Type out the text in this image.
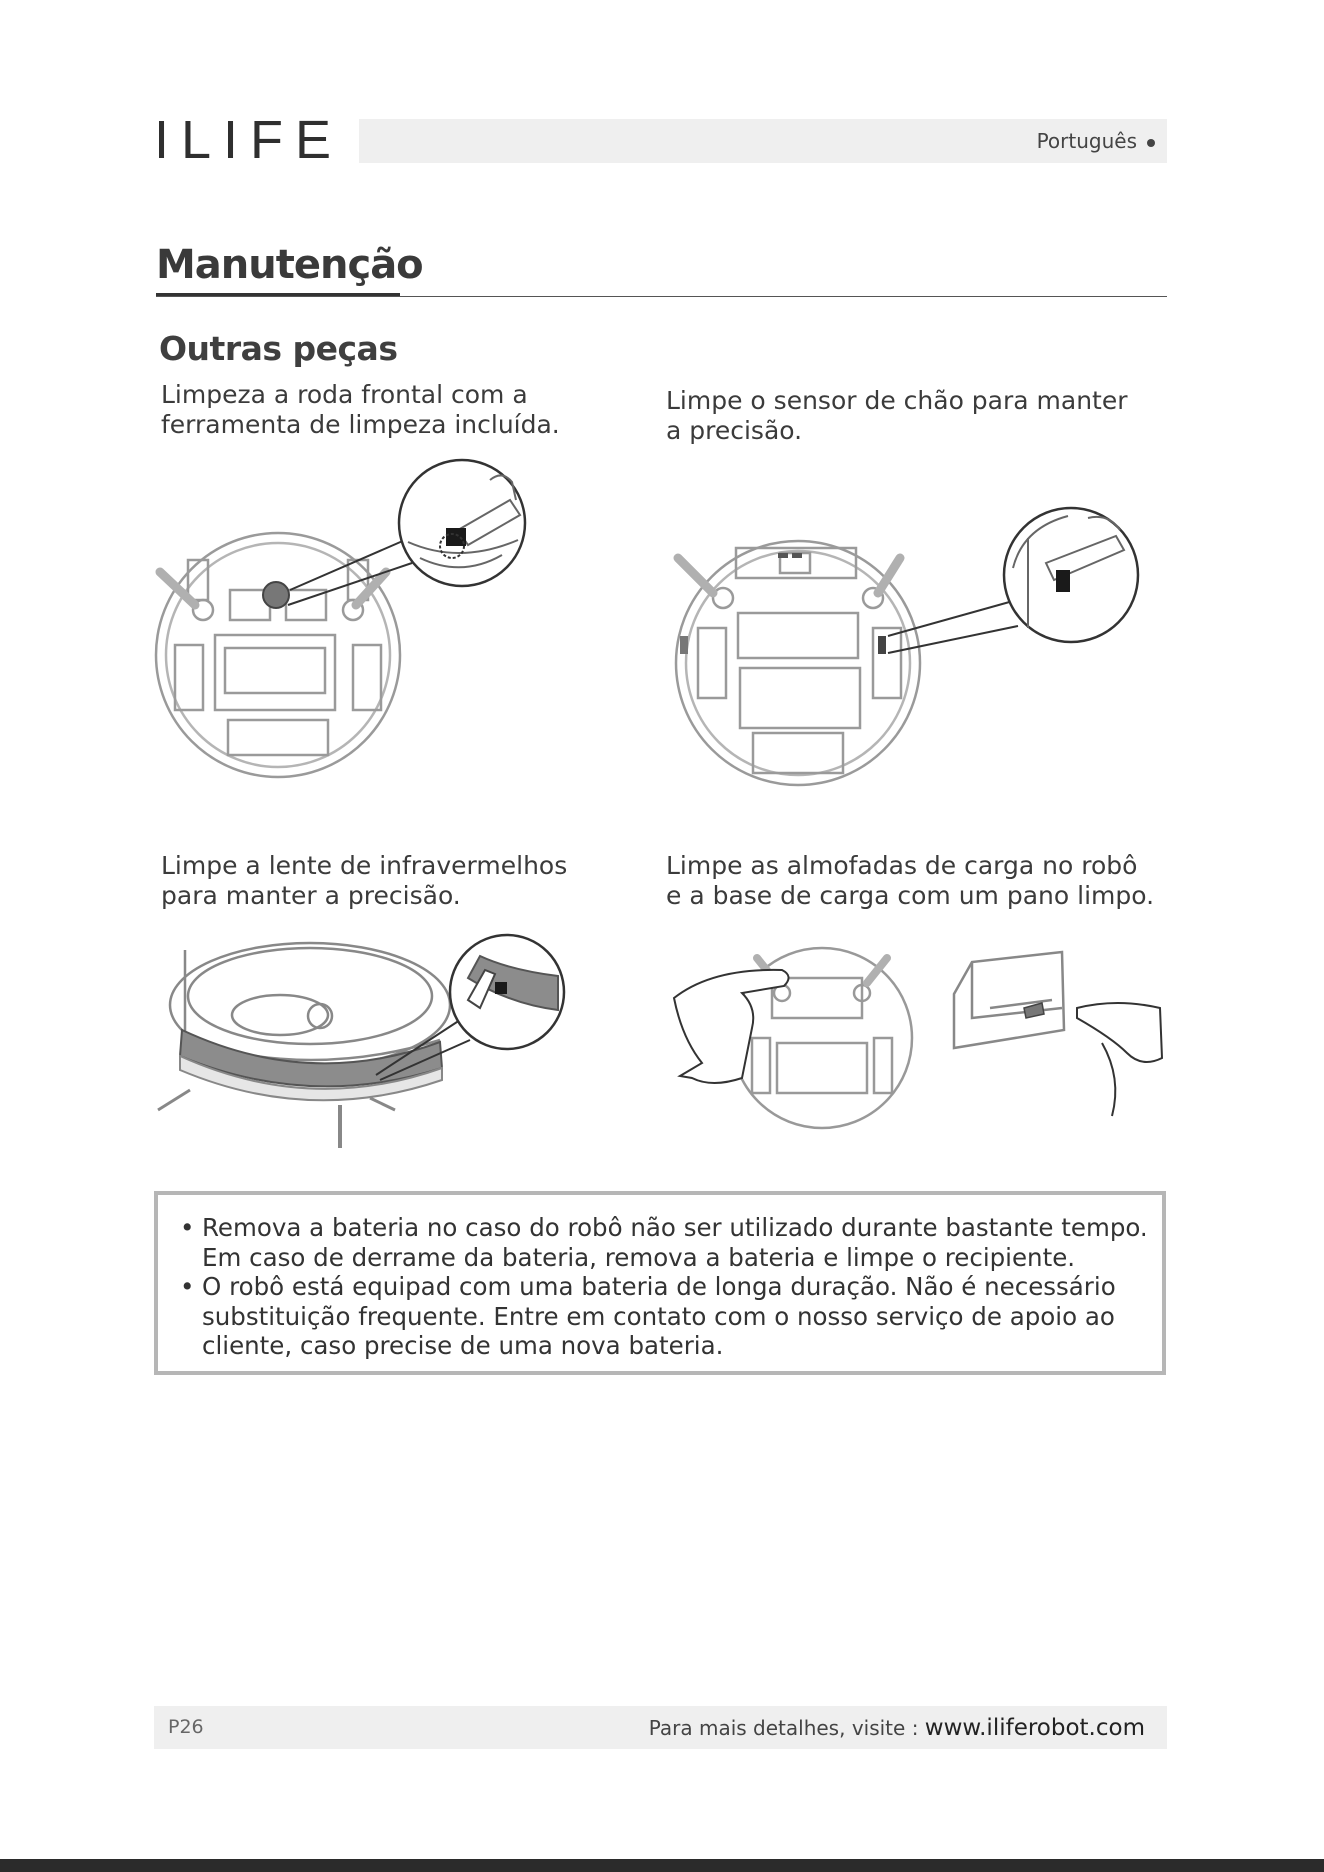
ILIFE	Português
Manutenção
Outras peças
Limpeza a roda frontal com a
ferramenta de limpeza incluída.
Limpe o sensor de chão para manter
a precisão.
Limpe a lente de infravermelhos
para manter a precisão.
Limpe as almofadas de carga no robô
e a base de carga com um pano limpo.
• Remova a bateria no caso do robô não ser utilizado durante bastante tempo.
Em caso de derrame da bateria, remova a bateria e limpe o recipiente.
• O robô está equipad com uma bateria de longa duração. Não é necessário
substituição frequente. Entre em contato com o nosso serviço de apoio ao
cliente, caso precise de uma nova bateria.
P26	Para mais detalhes, visite : www.iliferobot.com
